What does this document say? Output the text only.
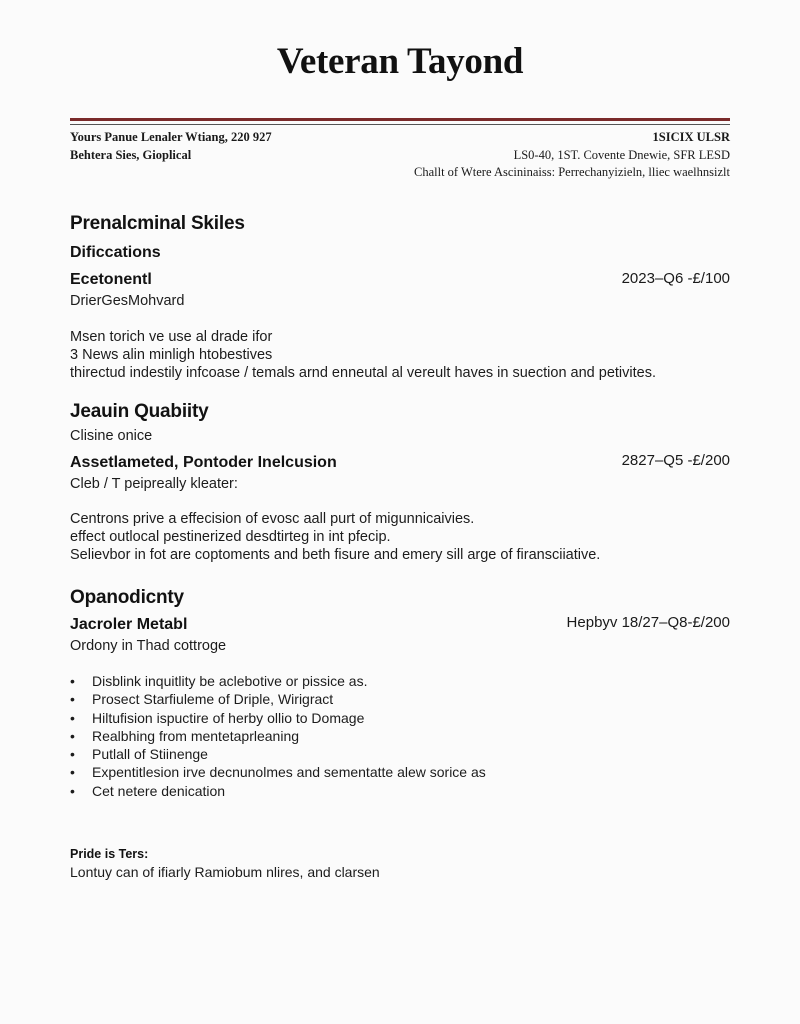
Veteran Tayond
Yours Panue Lenaler Wtiang, 220 927
Behtera Sies, Gioplical
1SICIX ULSR
LS0-40, 1ST. Covente Dnewie, SFR LESD
Challt of Wtere Ascininaiss: Perrechanyizieln, lliec waelhnsizlt
Prenalcminal Skiles
Dificcations
Ecetonentl	2023–Q6 -£/100
DrierGesMohvard
Msen torich ve use al drade ifor
3 News alin minligh htobestives
thirectud indestily infcoase / temals arnd enneutal al vereult haves in suection and petivites.
Jeauin Quabiity
Clisine onice
Assetlameted, Pontoder Inelcusion	2827–Q5 -£/200
Cleb / T peipreally kleater:
Centrons prive a effecision of evosc aall purt of migunnicaivies.
effect outlocal pestinerized desdtirteg in int pfecip.
Selievbor in fot are coptoments and beth fisure and emery sill arge of firansciiative.
Opanodicnty
Jacroler Metabl	Hepbyv 18/27–Q8-£/200
Ordony in Thad cottroge
• Disblink inquitlity be aclebotive or pissice as.
• Prosect Starfiuleme of Driple, Wirigract
• Hiltufision ispuctire of herby ollio to Domage
• Realbhing from mentetaprleaning
• Putlall of Stiinenge
• Expentitlesion irve decnunolmes and sementatte alew sorice as
• Cet netere denication
Pride is Ters:
Lontuy can of ifiarly Ramiobum nlires, and clarsen
